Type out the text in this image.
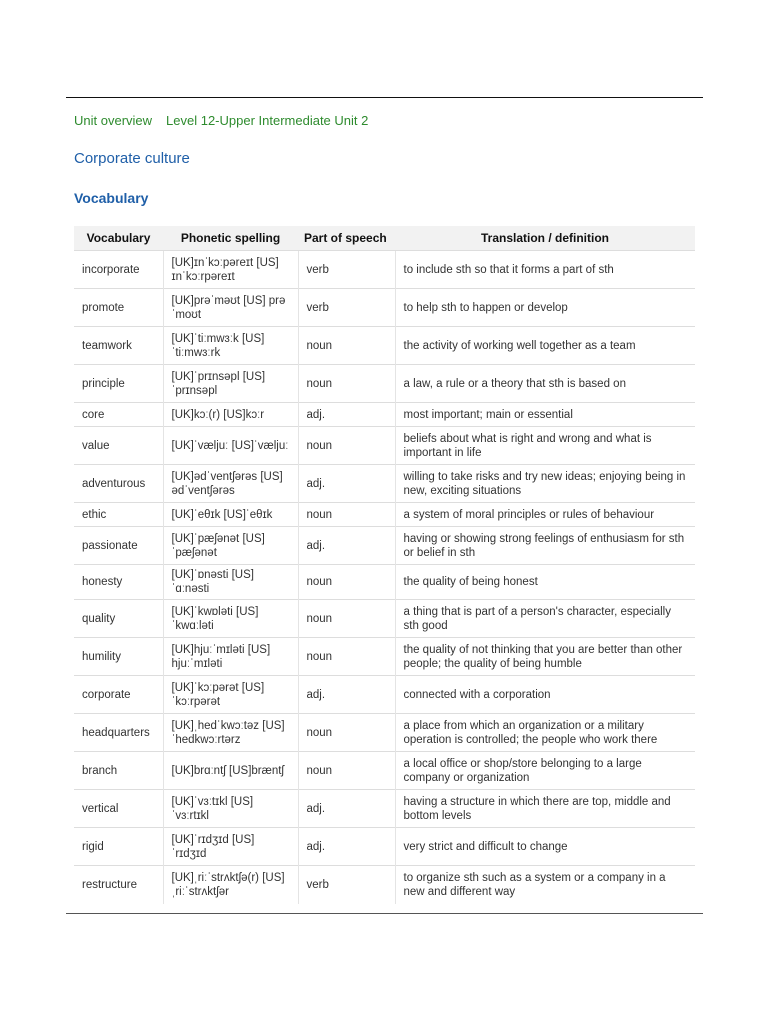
Unit overview Level 12-Upper Intermediate Unit 2
Corporate culture
Vocabulary
Vocabulary	Phonetic spelling	Part of speech	Translation / definition
incorporate	[UK]ɪnˈkɔːpəreɪt [US] ɪnˈkɔːrpəreɪt	verb	to include sth so that it forms a part of sth
promote	[UK]prəˈməʊt [US] prəˈmoʊt	verb	to help sth to happen or develop
teamwork	[UK]ˈtiːmwɜːk [US] ˈtiːmwɜːrk	noun	the activity of working well together as a team
principle	[UK]ˈprɪnsəpl [US] ˈprɪnsəpl	noun	a law, a rule or a theory that sth is based on
core	[UK]kɔː(r) [US]kɔːr	adj.	most important; main or essential
value	[UK]ˈvæljuː [US]ˈvæljuː	noun	beliefs about what is right and wrong and what is important in life
adventurous	[UK]ədˈventʃərəs [US] ədˈventʃərəs	adj.	willing to take risks and try new ideas; enjoying being in new, exciting situations
ethic	[UK]ˈeθɪk [US]ˈeθɪk	noun	a system of moral principles or rules of behaviour
passionate	[UK]ˈpæʃənət [US] ˈpæʃənət	adj.	having or showing strong feelings of enthusiasm for sth or belief in sth
honesty	[UK]ˈɒnəsti [US] ˈɑːnəsti	noun	the quality of being honest
quality	[UK]ˈkwɒləti [US] ˈkwɑːləti	noun	a thing that is part of a person's character, especially sth good
humility	[UK]hjuːˈmɪləti [US] hjuːˈmɪləti	noun	the quality of not thinking that you are better than other people; the quality of being humble
corporate	[UK]ˈkɔːpərət [US] ˈkɔːrpərət	adj.	connected with a corporation
headquarters	[UK]ˌhedˈkwɔːtəz [US] ˈhedkwɔːrtərz	noun	a place from which an organization or a military operation is controlled; the people who work there
branch	[UK]brɑːntʃ [US]bræntʃ	noun	a local office or shop/store belonging to a large company or organization
vertical	[UK]ˈvɜːtɪkl [US]ˈvɜːrtɪkl	adj.	having a structure in which there are top, middle and bottom levels
rigid	[UK]ˈrɪdʒɪd [US] ˈrɪdʒɪd	adj.	very strict and difficult to change
restructure	[UK]ˌriːˈstrʌktʃə(r) [US] ˌriːˈstrʌktʃər	verb	to organize sth such as a system or a company in a new and different way
